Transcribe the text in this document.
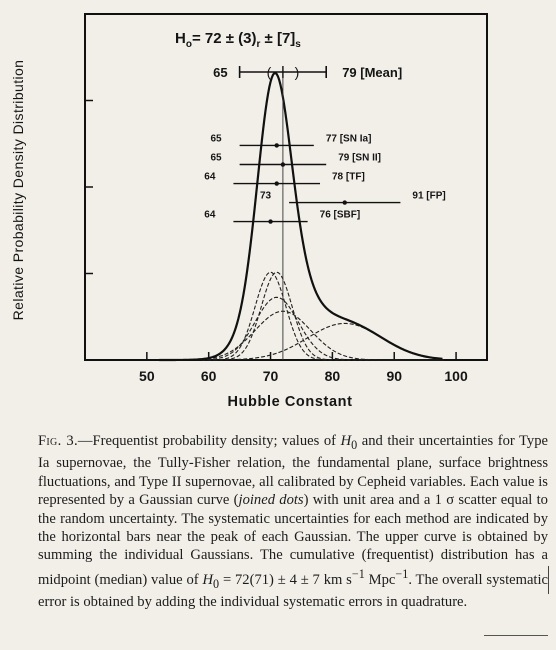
50	60	70	80	90	100
( )
65	79 [Mean]
65	77 [SN Ia]
65	79 [SN II]
64	78 [TF]
73	91 [FP]
64	76 [SBF]
Relative Probability Density Distribution
Hubble Constant
$H_o= 72 \pm (3)_r \pm [7]_s$
Fig. 3.—Frequentist probability density; values of $H_0$ and their uncertainties for Type Ia supernovae, the Tully-Fisher relation, the fundamental plane, surface brightness fluctuations, and Type II supernovae, all calibrated by Cepheid variables. Each value is represented by a Gaussian curve (joined dots) with unit area and a 1 σ scatter equal to the random uncertainty. The systematic uncertainties for each method are indicated by the horizontal bars near the peak of each Gaussian. The upper curve is obtained by summing the individual Gaussians. The cumulative (frequentist) distribution has a midpoint (median) value of $H_0 = 72(71) \pm 4 \pm 7$ km $s^{-1}$ Mpc$^{-1}$. The overall systematic error is obtained by adding the individual systematic errors in quadrature.
